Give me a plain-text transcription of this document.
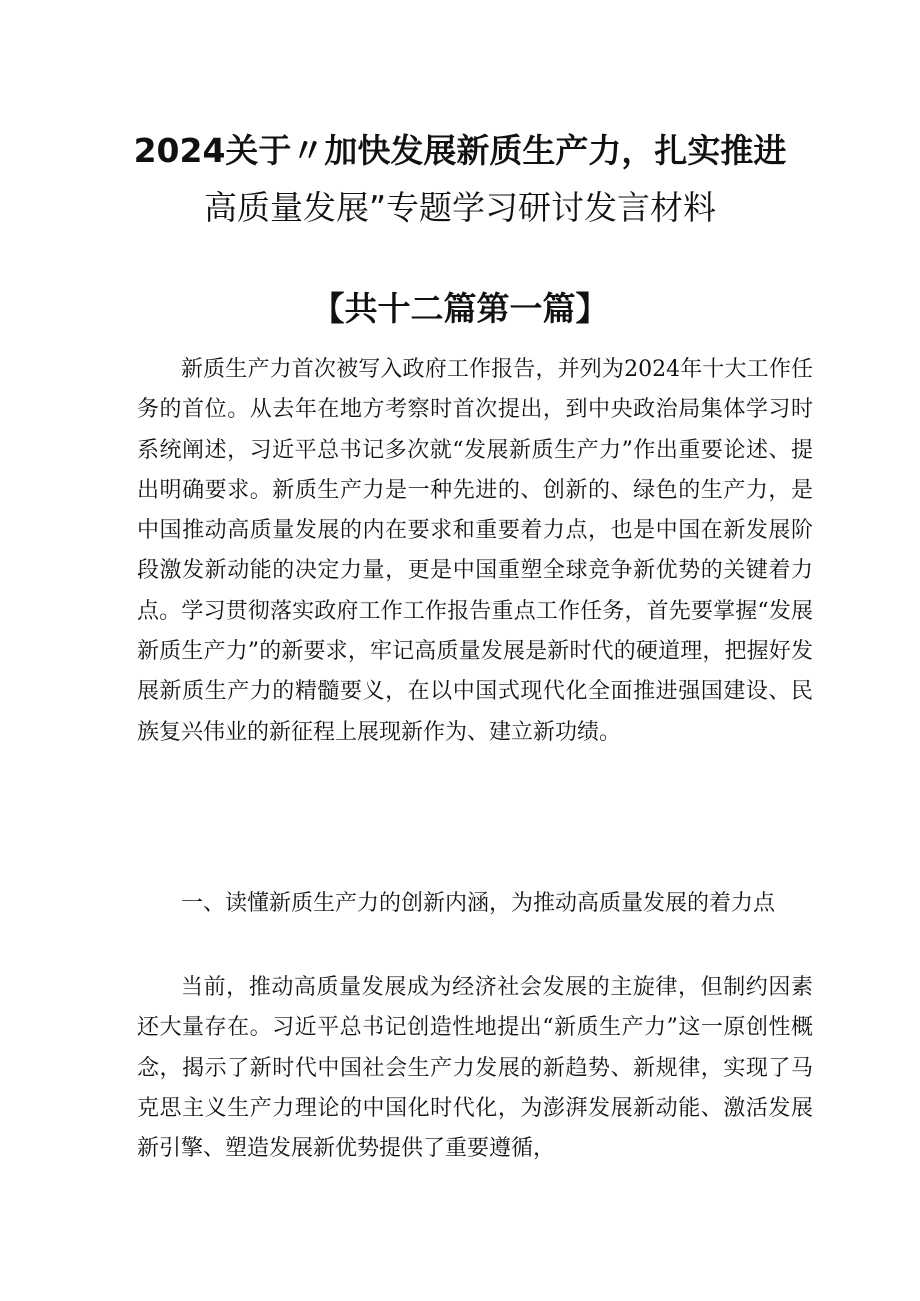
2024关于〃加快发展新质生产力，扎实推进
高质量发展”专题学习研讨发言材料
【共十二篇第一篇】

新质生产力首次被写入政府工作报告，并列为2024年十大工作任务的首位。从去年在地方考察时首次提出，到中央政治局集体学习时系统阐述，习近平总书记多次就“发展新质生产力”作出重要论述、提出明确要求。新质生产力是一种先进的、创新的、绿色的生产力，是中国推动高质量发展的内在要求和重要着力点，也是中国在新发展阶段激发新动能的决定力量，更是中国重塑全球竞争新优势的关键着力点。学习贯彻落实政府工作工作报告重点工作任务，首先要掌握“发展新质生产力”的新要求，牢记高质量发展是新时代的硬道理，把握好发展新质生产力的精髓要义，在以中国式现代化全面推进强国建设、民族复兴伟业的新征程上展现新作为、建立新功绩。

一、读懂新质生产力的创新内涵，为推动高质量发展的着力点

当前，推动高质量发展成为经济社会发展的主旋律，但制约因素还大量存在。习近平总书记创造性地提出“新质生产力”这一原创性概念，揭示了新时代中国社会生产力发展的新趋势、新规律，实现了马克思主义生产力理论的中国化时代化，为澎湃发展新动能、激活发展新引擎、塑造发展新优势提供了重要遵循，
